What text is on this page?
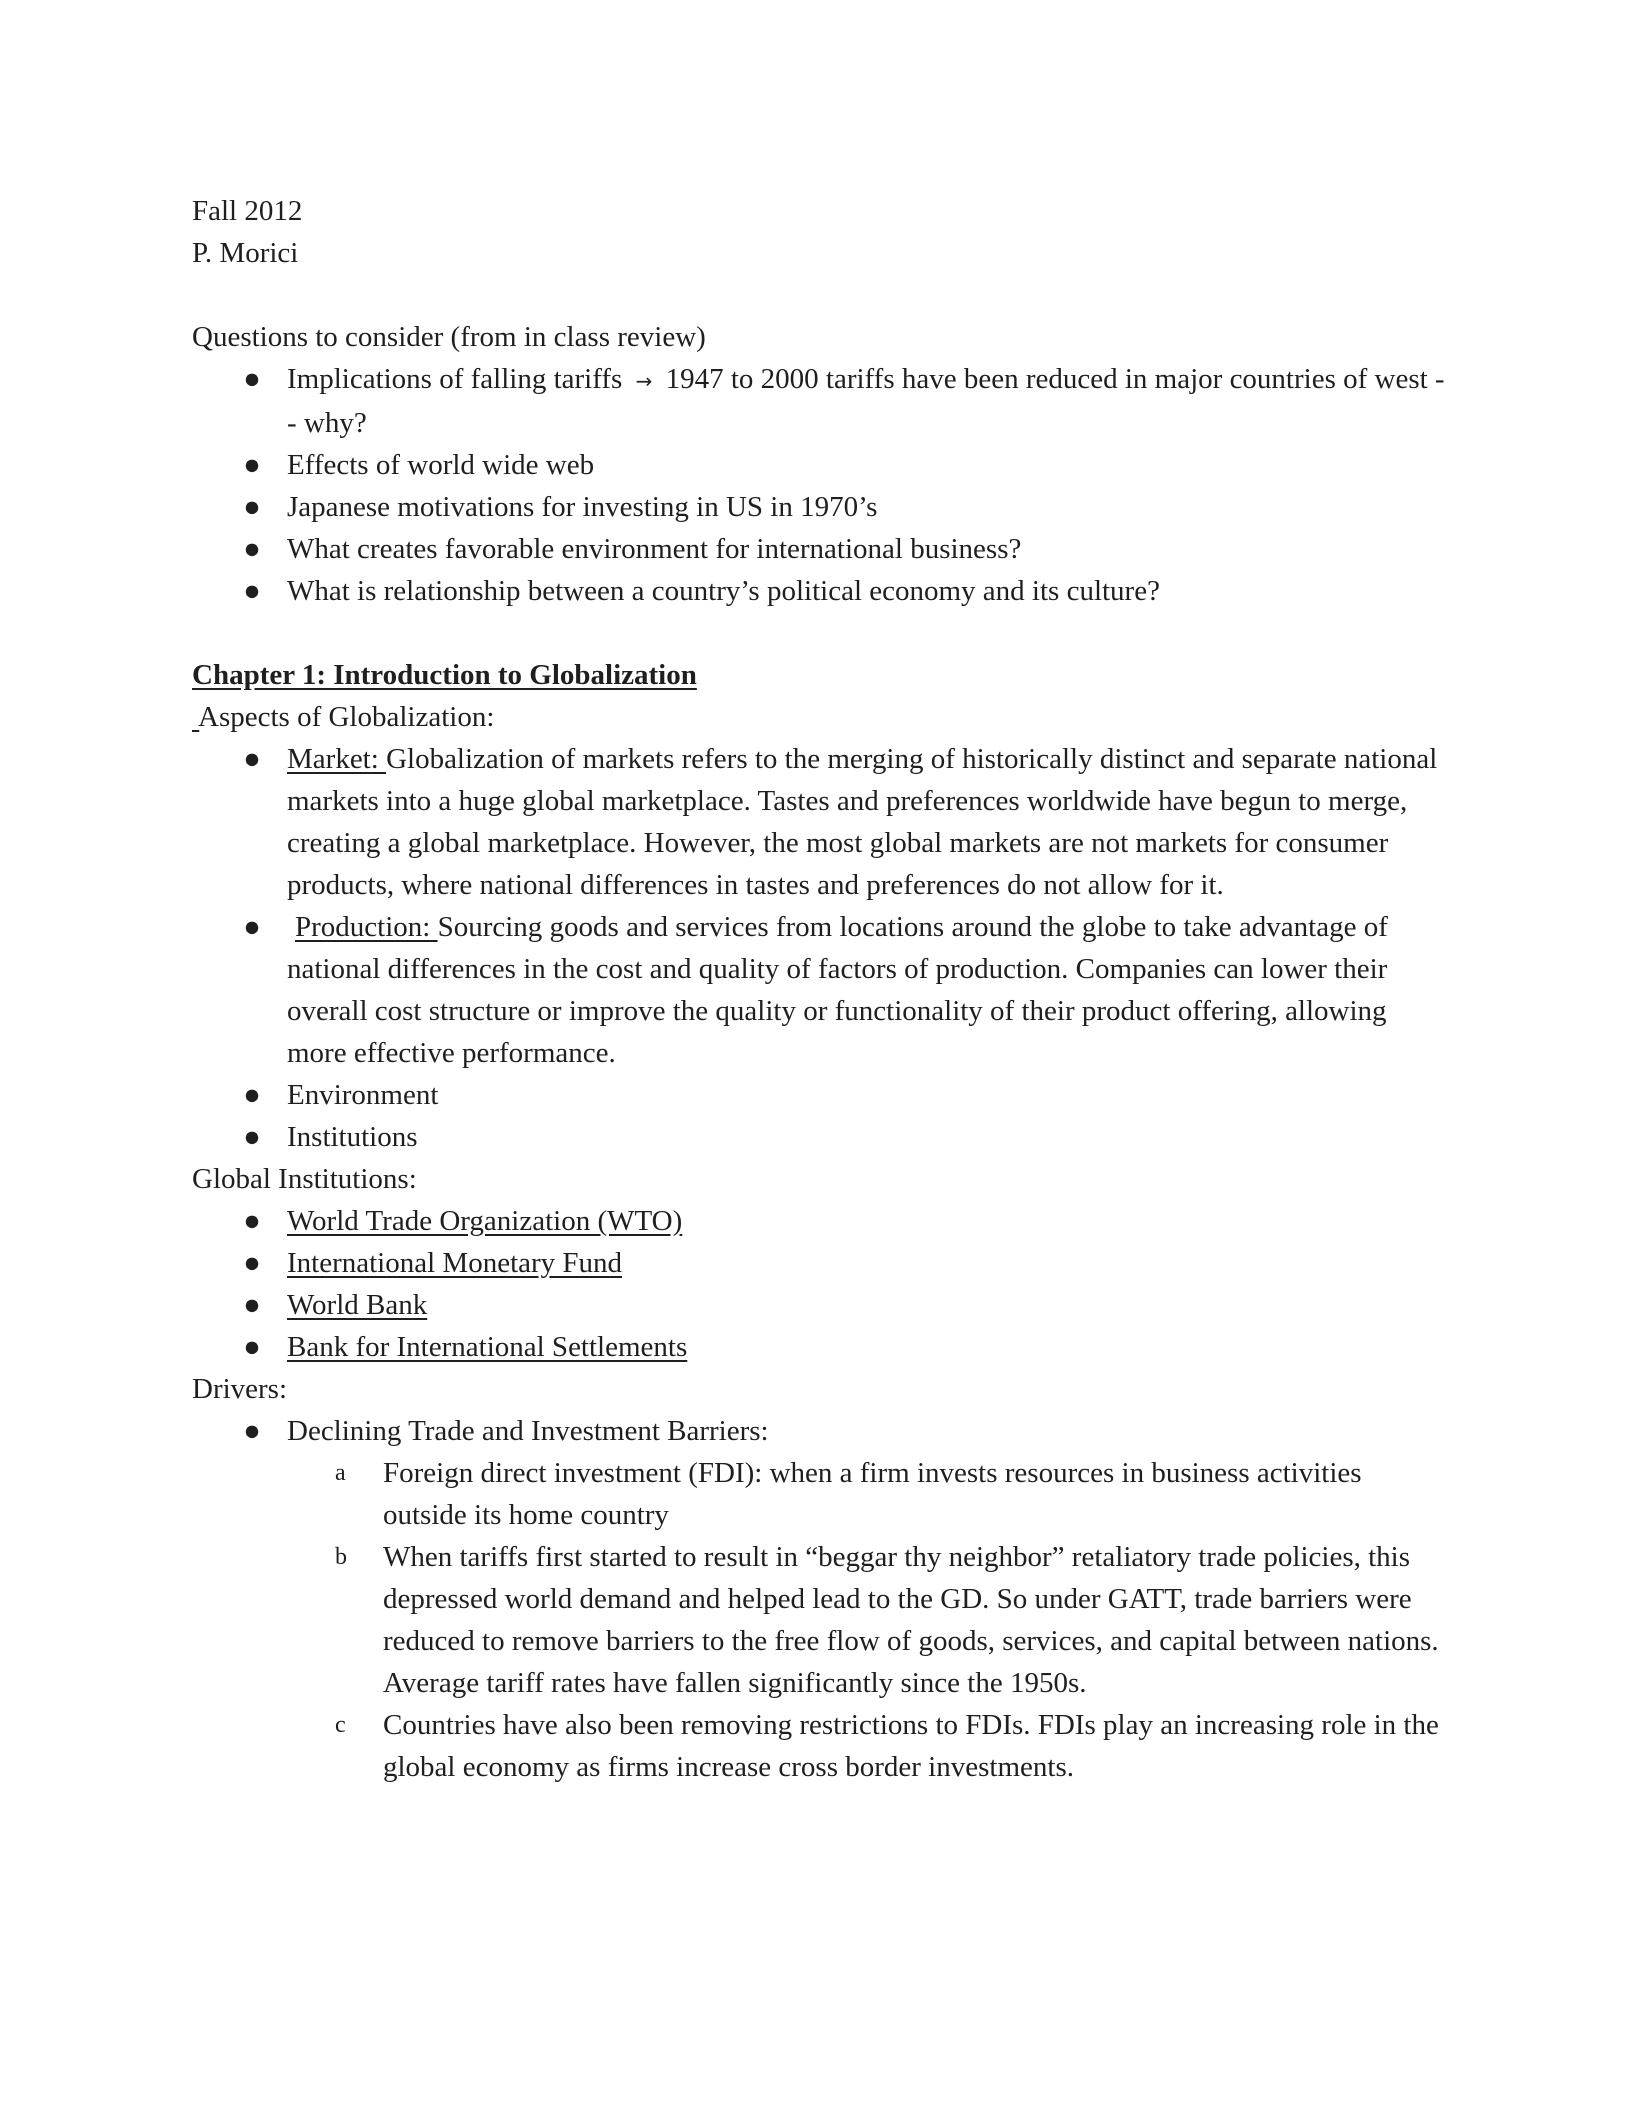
Fall 2012
P. Morici
Questions to consider (from in class review)
● Implications of falling tariffs → 1947 to 2000 tariffs have been reduced in major countries of west -- why?
● Effects of world wide web
● Japanese motivations for investing in US in 1970’s
● What creates favorable environment for international business?
● What is relationship between a country’s political economy and its culture?
Chapter 1: Introduction to Globalization
Aspects of Globalization:
● Market: Globalization of markets refers to the merging of historically distinct and separate national markets into a huge global marketplace. Tastes and preferences worldwide have begun to merge, creating a global marketplace. However, the most global markets are not markets for consumer products, where national differences in tastes and preferences do not allow for it.
● Production: Sourcing goods and services from locations around the globe to take advantage of national differences in the cost and quality of factors of production. Companies can lower their overall cost structure or improve the quality or functionality of their product offering, allowing more effective performance.
● Environment
● Institutions
Global Institutions:
● World Trade Organization (WTO)
● International Monetary Fund
● World Bank
● Bank for International Settlements
Drivers:
● Declining Trade and Investment Barriers:
a Foreign direct investment (FDI): when a firm invests resources in business activities outside its home country
b When tariffs first started to result in “beggar thy neighbor” retaliatory trade policies, this depressed world demand and helped lead to the GD. So under GATT, trade barriers were reduced to remove barriers to the free flow of goods, services, and capital between nations. Average tariff rates have fallen significantly since the 1950s.
c Countries have also been removing restrictions to FDIs. FDIs play an increasing role in the global economy as firms increase cross border investments.
